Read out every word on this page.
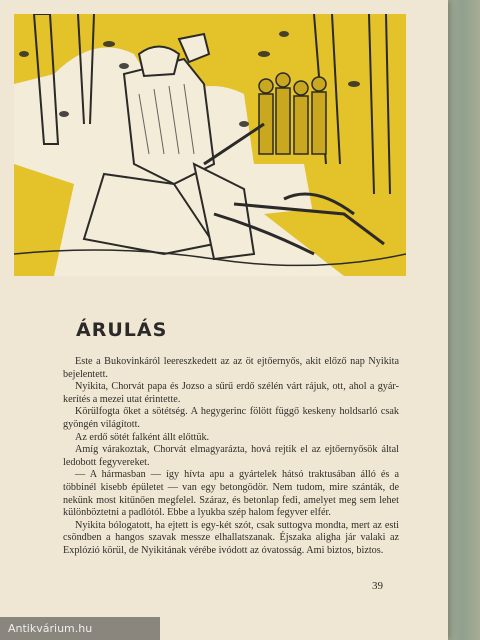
ÁRULÁS

Este a Bukovinkáról leereszkedett az az öt ejtőernyős, akit előző nap Nyikita bejelentett.

Nyikita, Chorvát papa és Jozso a sűrű erdő szélén várt rájuk, ott, ahol a gyár-kerítés a mezei utat érintette.

Körülfogta őket a sötétség. A hegygerinc fölött függő keskeny holdsarló csak gyöngén világított.

Az erdő sötét falként állt előttük.

Amíg várakoztak, Chorvát elmagyarázta, hová rejtik el az ejtőernyősök által ledobott fegyvereket.

— A hármasban — így hívta apu a gyártelek hátsó traktusában álló és a többinél kisebb épületet — van egy betongödör. Nem tudom, mire szánták, de nekünk most kitűnően megfelel. Száraz, és betonlap fedi, amelyet meg sem lehet különböztetni a padlótól. Ebbe a lyukba szép halom fegyver elfér.

Nyikita bólogatott, ha ejtett is egy-két szót, csak suttogva mondta, mert az esti csöndben a hangos szavak messze elhallatszanak. Éjszaka aligha jár valaki az Explózió körül, de Nyikitának vérébe ivódott az óvatosság. Ami biztos, biztos.

39
Antikvárium.hu
